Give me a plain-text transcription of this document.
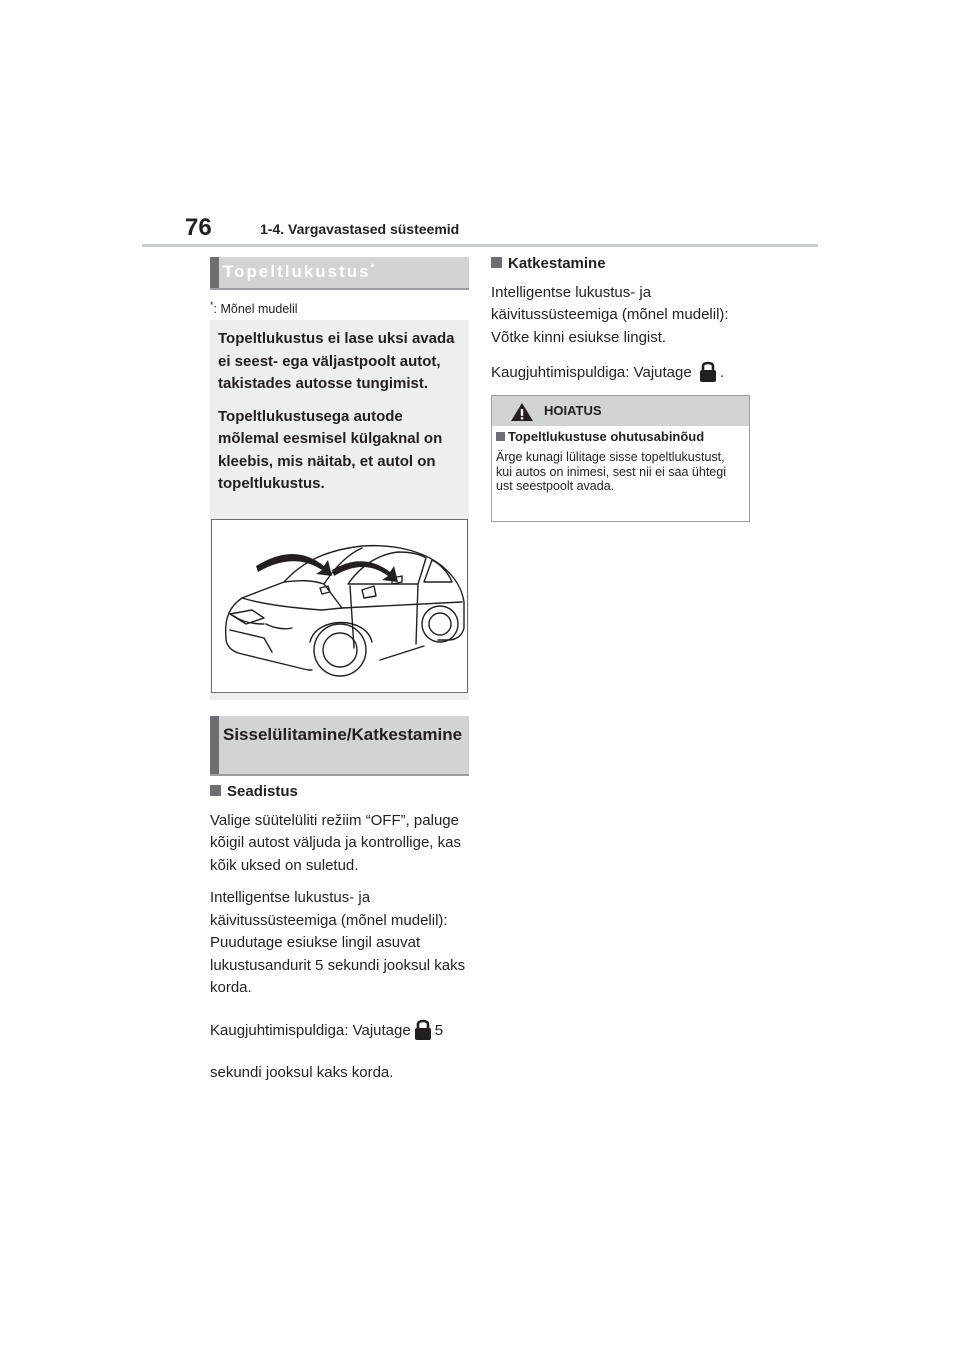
76	1-4. Vargavastased süsteemid
Topeltlukustus*
*: Mõnel mudelil

Topeltlukustus ei lase uksi avada ei seest- ega väljastpoolt autot, takistades autosse tungimist.

Topeltlukustusega autode mõlemal eesmisel külgaknal on kleebis, mis näitab, et autol on topeltlukustus.

Sisselülitamine/Katkestamine

Seadistus

Valige süütelüliti režiim “OFF”, paluge kõigil autost väljuda ja kontrollige, kas kõik uksed on suletud.

Intelligentse lukustus- ja käivitussüsteemiga (mõnel mudelil): Puudutage esiukse lingil asuvat lukustusandurit 5 sekundi jooksul kaks korda.

Kaugjuhtimispuldiga: Vajutage 5 sekundi jooksul kaks korda.

Katkestamine

Intelligentse lukustus- ja käivitussüsteemiga (mõnel mudelil): Võtke kinni esiukse lingist.

Kaugjuhtimispuldiga: Vajutage .

HOIATUS
Topeltlukustuse ohutusabinõud
Ärge kunagi lülitage sisse topeltlukustust, kui autos on inimesi, sest nii ei saa ühtegi ust seestpoolt avada.
